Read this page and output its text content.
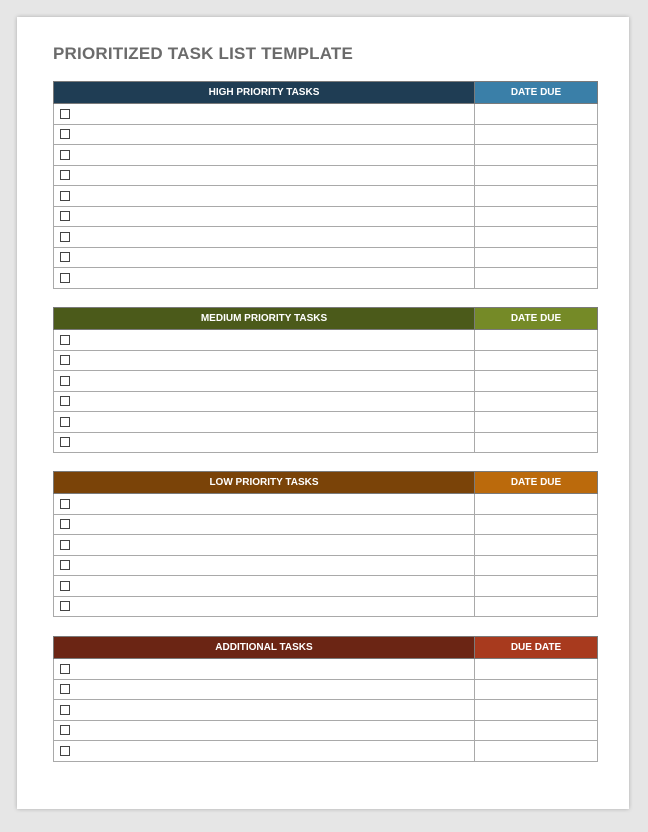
PRIORITIZED TASK LIST TEMPLATE
HIGH PRIORITY TASKS	DATE DUE

MEDIUM PRIORITY TASKS	DATE DUE

LOW PRIORITY TASKS	DATE DUE

ADDITIONAL TASKS	DUE DATE
